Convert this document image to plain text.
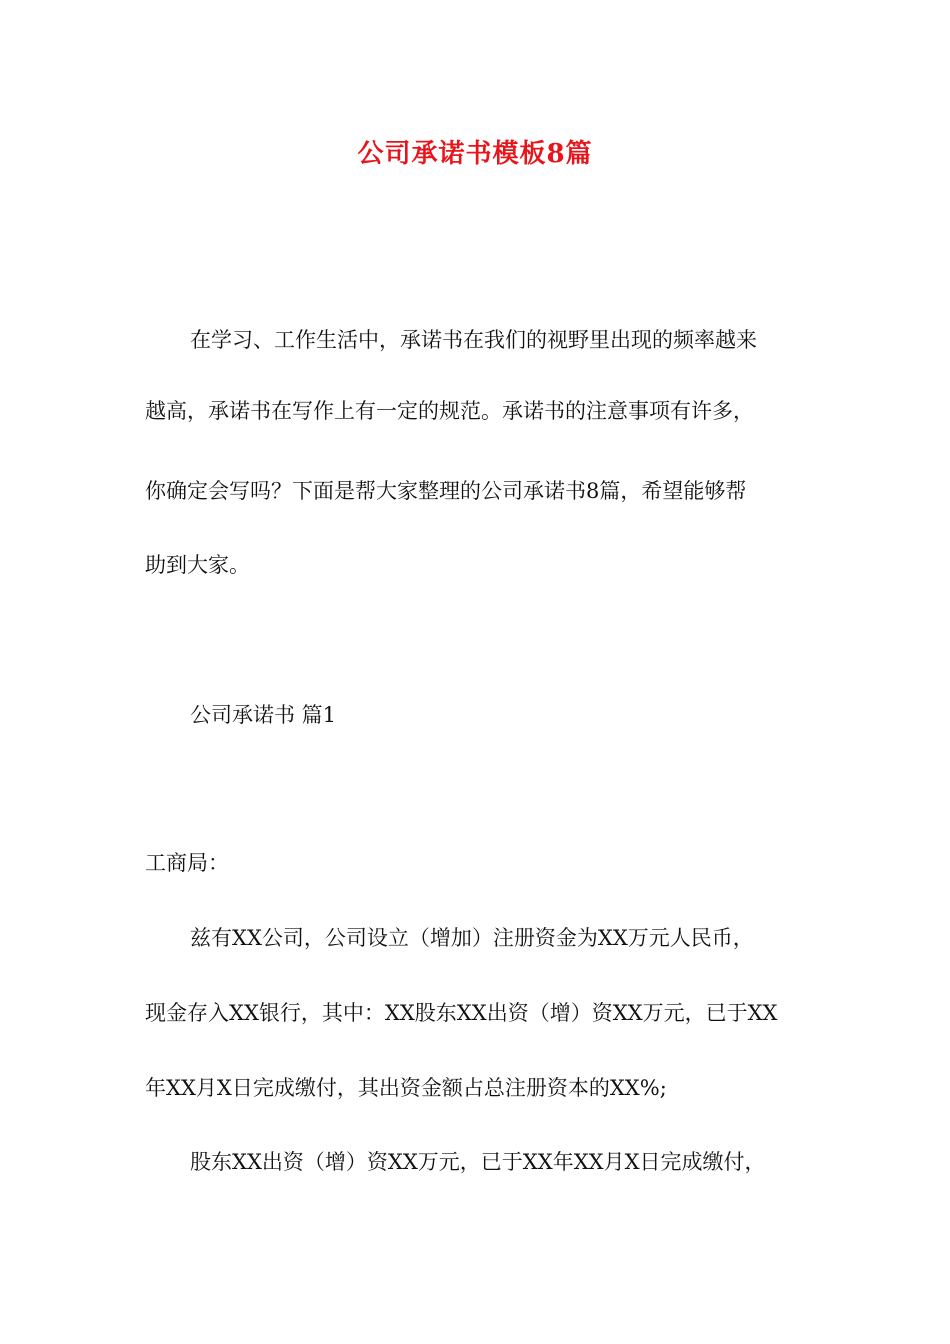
公司承诺书模板8篇
在学习、工作生活中，承诺书在我们的视野里出现的频率越来
越高，承诺书在写作上有一定的规范。承诺书的注意事项有许多，
你确定会写吗？下面是帮大家整理的公司承诺书8篇，希望能够帮
助到大家。
公司承诺书 篇1
工商局：
兹有XX公司，公司设立（增加）注册资金为XX万元人民币，
现金存入XX银行，其中：XX股东XX出资（增）资XX万元，已于XX
年XX月X日完成缴付，其出资金额占总注册资本的XX%;
股东XX出资（增）资XX万元，已于XX年XX月X日完成缴付，
